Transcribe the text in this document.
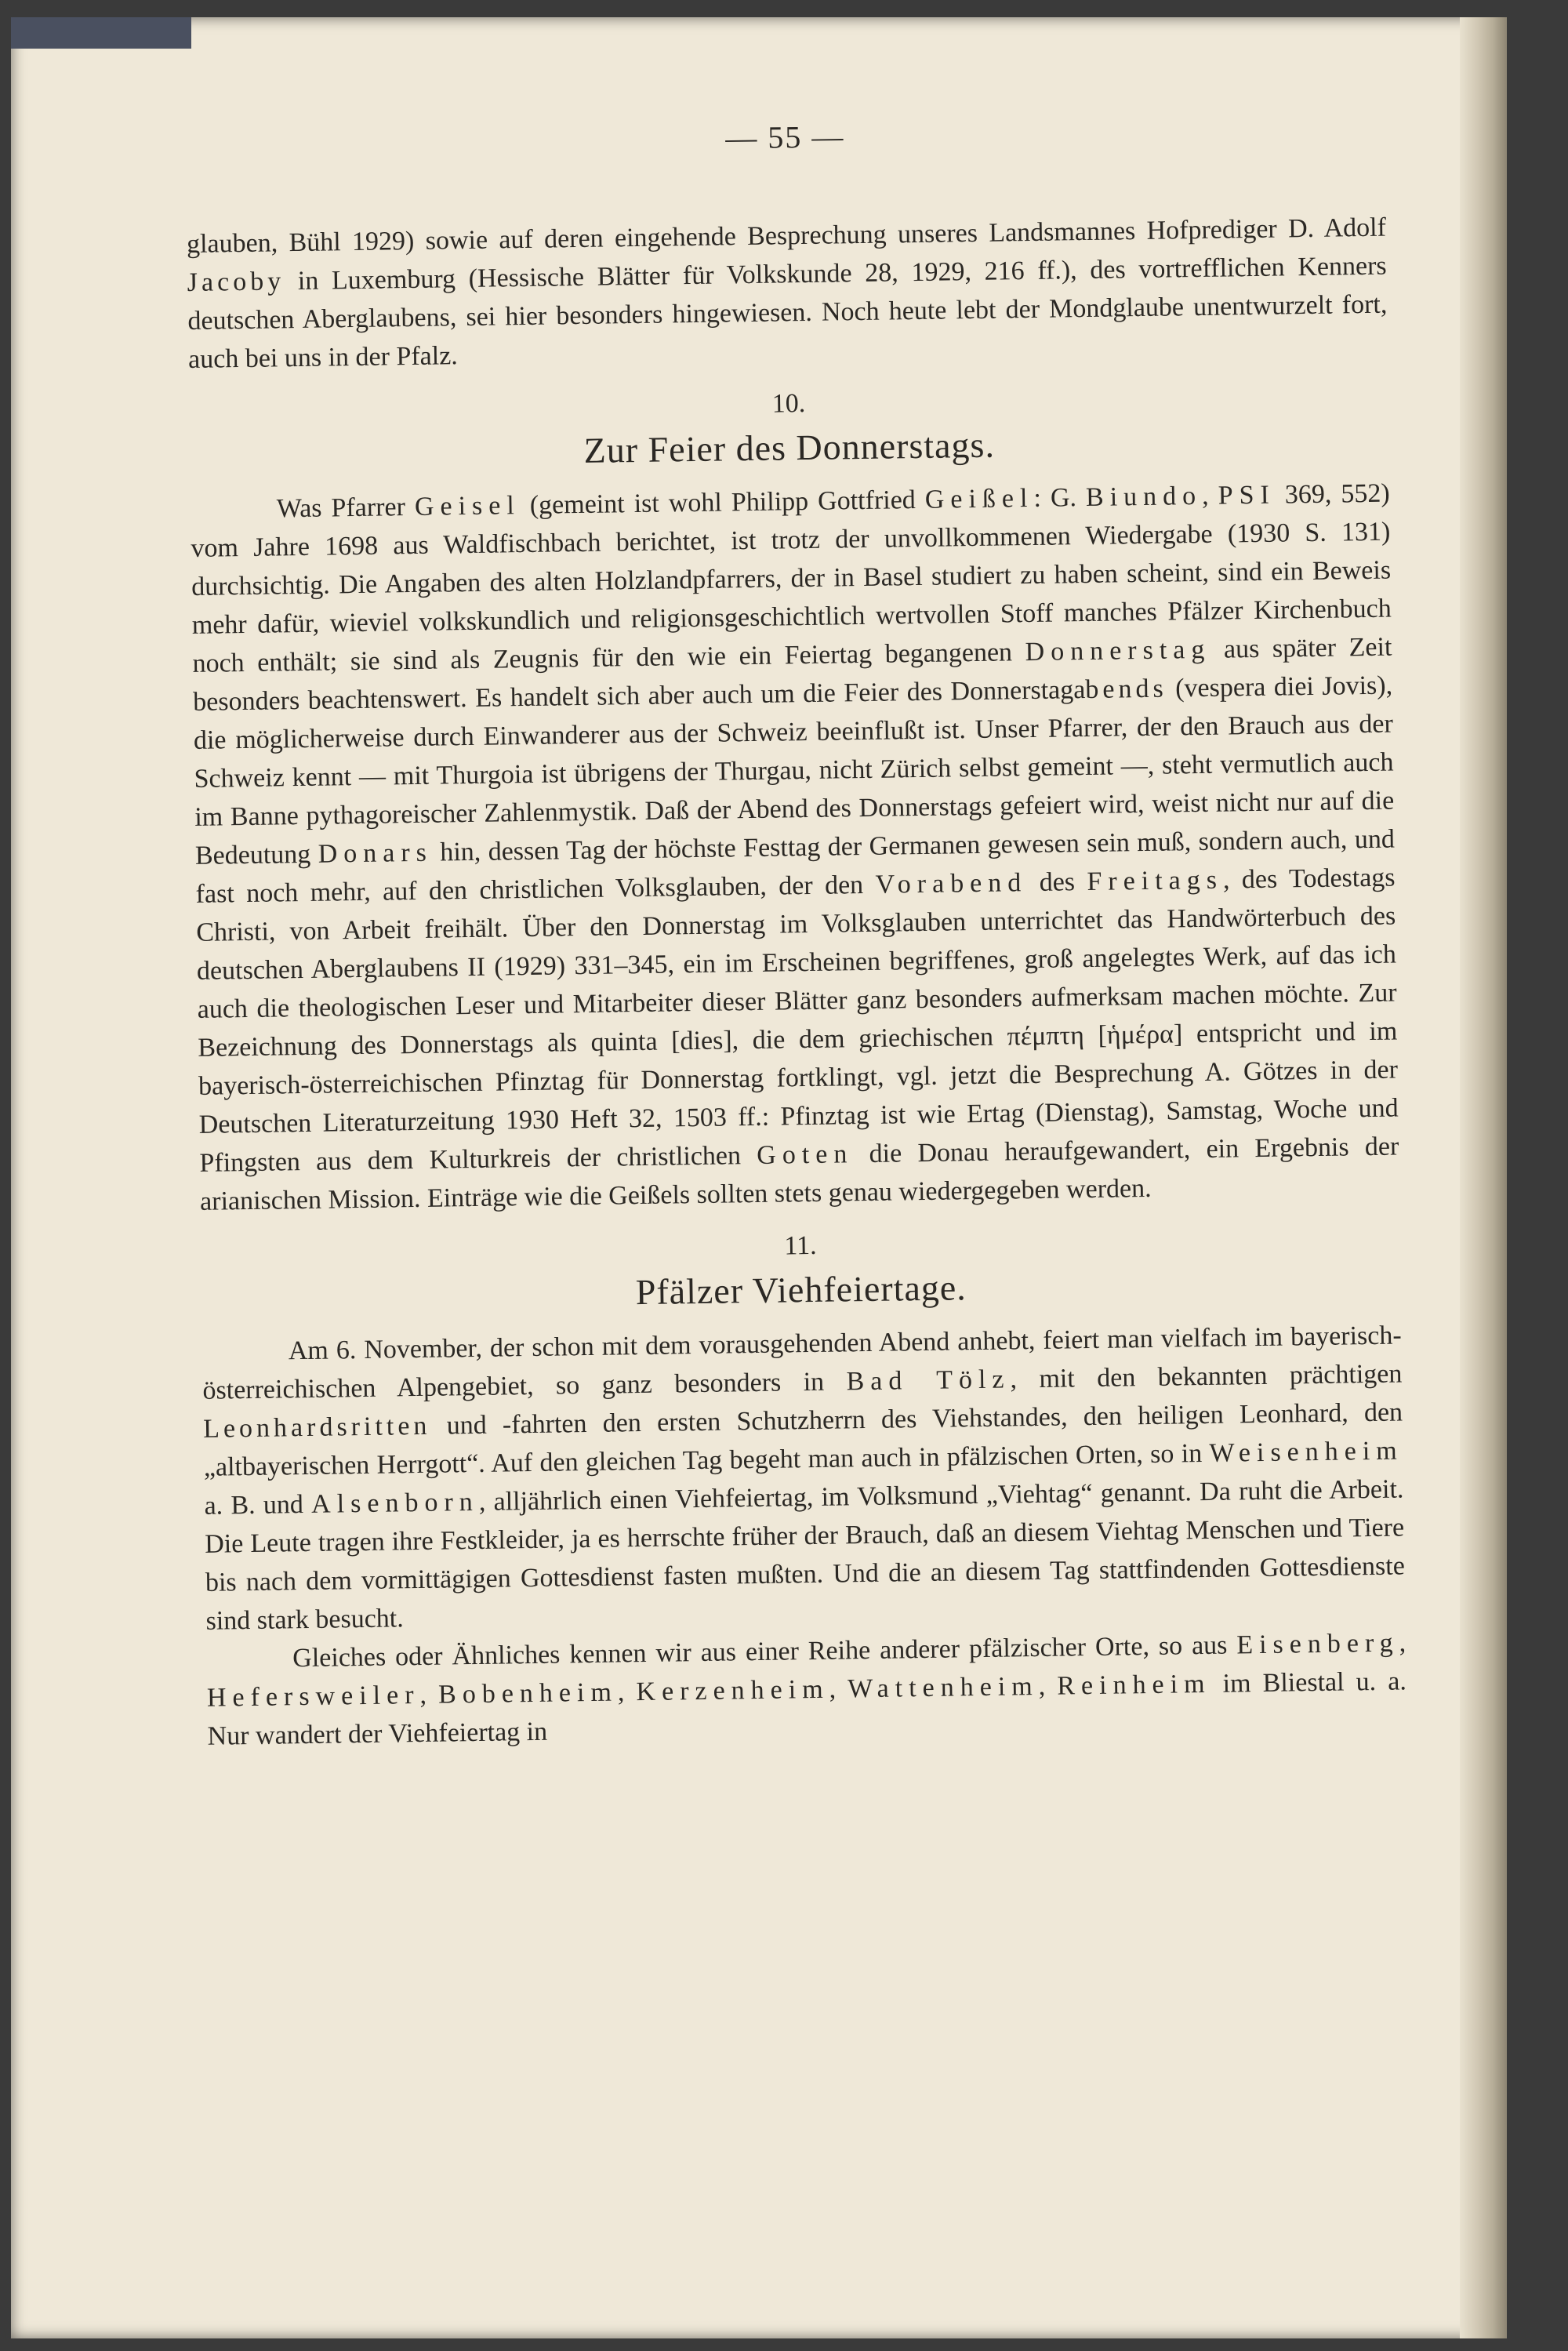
— 55 —

glauben, Bühl 1929) sowie auf deren eingehende Besprechung unseres Landsmannes Hofprediger D. Adolf Jacoby in Luxemburg (Hessische Blätter für Volkskunde 28, 1929, 216 ff.), des vortrefflichen Kenners deutschen Aberglaubens, sei hier besonders hingewiesen. Noch heute lebt der Mondglaube unentwurzelt fort, auch bei uns in der Pfalz.

10.
Zur Feier des Donnerstags.

Was Pfarrer Geisel (gemeint ist wohl Philipp Gottfried Geißel: G. Biundo, PSI 369, 552) vom Jahre 1698 aus Waldfischbach berichtet, ist trotz der unvollkommenen Wiedergabe (1930 S. 131) durchsichtig. Die Angaben des alten Holzlandpfarrers, der in Basel studiert zu haben scheint, sind ein Beweis mehr dafür, wieviel volkskundlich und religionsgeschichtlich wertvollen Stoff manches Pfälzer Kirchenbuch noch enthält; sie sind als Zeugnis für den wie ein Feiertag begangenen Donnerstag aus später Zeit besonders beachtenswert. Es handelt sich aber auch um die Feier des Donnerstagabends (vespera diei Jovis), die möglicherweise durch Einwanderer aus der Schweiz beeinflußt ist. Unser Pfarrer, der den Brauch aus der Schweiz kennt — mit Thurgoia ist übrigens der Thurgau, nicht Zürich selbst gemeint —, steht vermutlich auch im Banne pythagoreischer Zahlenmystik. Daß der Abend des Donnerstags gefeiert wird, weist nicht nur auf die Bedeutung Donars hin, dessen Tag der höchste Festtag der Germanen gewesen sein muß, sondern auch, und fast noch mehr, auf den christlichen Volksglauben, der den Vorabend des Freitags, des Todestags Christi, von Arbeit freihält. Über den Donnerstag im Volksglauben unterrichtet das Handwörterbuch des deutschen Aberglaubens II (1929) 331–345, ein im Erscheinen begriffenes, groß angelegtes Werk, auf das ich auch die theologischen Leser und Mitarbeiter dieser Blätter ganz besonders aufmerksam machen möchte. Zur Bezeichnung des Donnerstags als quinta [dies], die dem griechischen πέμπτη [ἡμέρα] entspricht und im bayerisch-österreichischen Pfinztag für Donnerstag fortklingt, vgl. jetzt die Besprechung A. Götzes in der Deutschen Literaturzeitung 1930 Heft 32, 1503 ff.: Pfinztag ist wie Ertag (Dienstag), Samstag, Woche und Pfingsten aus dem Kulturkreis der christlichen Goten die Donau heraufgewandert, ein Ergebnis der arianischen Mission. Einträge wie die Geißels sollten stets genau wiedergegeben werden.

11.
Pfälzer Viehfeiertage.

Am 6. November, der schon mit dem vorausgehenden Abend anhebt, feiert man vielfach im bayerisch-österreichischen Alpengebiet, so ganz besonders in Bad Tölz, mit den bekannten prächtigen Leonhardsritten und -fahrten den ersten Schutzherrn des Viehstandes, den heiligen Leonhard, den „altbayerischen Herrgott“. Auf den gleichen Tag begeht man auch in pfälzischen Orten, so in Weisenheim a. B. und Alsenborn, alljährlich einen Viehfeiertag, im Volksmund „Viehtag“ genannt. Da ruht die Arbeit. Die Leute tragen ihre Festkleider, ja es herrschte früher der Brauch, daß an diesem Viehtag Menschen und Tiere bis nach dem vormittägigen Gottesdienst fasten mußten. Und die an diesem Tag stattfindenden Gottesdienste sind stark besucht.

Gleiches oder Ähnliches kennen wir aus einer Reihe anderer pfälzischer Orte, so aus Eisenberg, Hefersweiler, Bobenheim, Kerzenheim, Wattenheim, Reinheim im Bliestal u. a. Nur wandert der Viehfeiertag in
